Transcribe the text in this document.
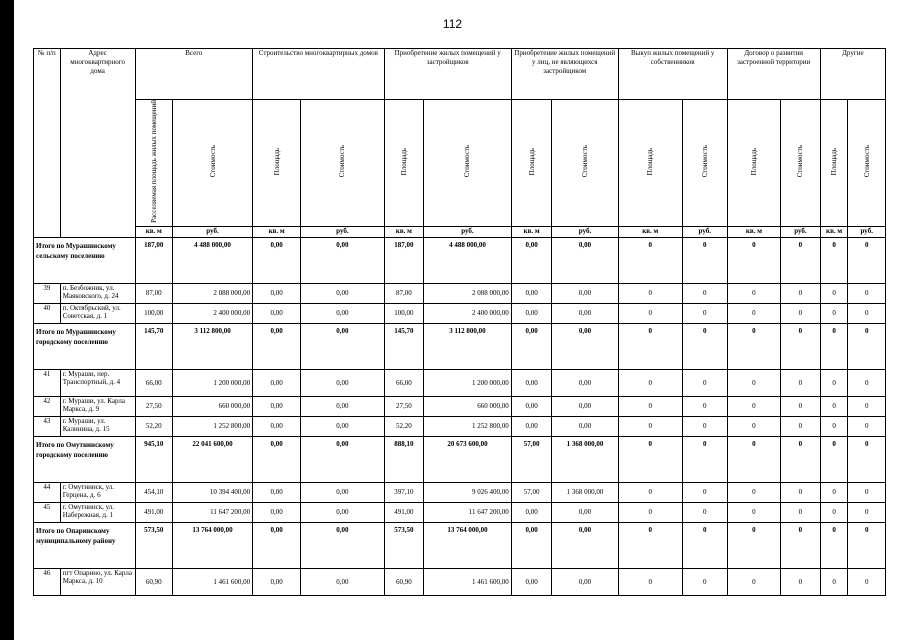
112
№ п/п	Адрес многоквартирного дома	Всего		Строительство многоквартирных домов		Приобретение жилых помещений у застройщиков		Приобретение жилых помещений у лиц, не являющихся застройщиком		Выкуп жилых помещений у собственников		Договор о развитии застроенной территории		Другие	
		Расселяемая площадь жилых помещений	Стоимость	Площадь	Стоимость	Площадь	Стоимость	Площадь	Стоимость	Площадь	Стоимость	Площадь	Стоимость	Площадь	Стоимость
		кв. м	руб.	кв. м	руб.	кв. м	руб.	кв. м	руб.	кв. м	руб.	кв. м	руб.	кв. м	руб.
Итого по Мурашинскому сельскому поселению		187,00	4 488 000,00	0,00	0,00	187,00	4 488 000,00	0,00	0,00	0	0	0	0	0	0
39	п. Безбожник, ул. Маяковского, д. 24	87,00	2 088 000,00	0,00	0,00	87,00	2 088 000,00	0,00	0,00	0	0	0	0	0	0
40	п. Октябрьский, ул. Советская, д. 1	100,00	2 400 000,00	0,00	0,00	100,00	2 400 000,00	0,00	0,00	0	0	0	0	0	0
Итого по Мурашинскому городскому поселению		145,70	3 112 800,00	0,00	0,00	145,70	3 112 800,00	0,00	0,00	0	0	0	0	0	0
41	г. Мураши, пер. Транспортный, д. 4	66,00	1 200 000,00	0,00	0,00	66,00	1 200 000,00	0,00	0,00	0	0	0	0	0	0
42	г. Мураши, ул. Карла Маркса, д. 9	27,50	660 000,00	0,00	0,00	27,50	660 000,00	0,00	0,00	0	0	0	0	0	0
43	г. Мураши, ул. Калинина, д. 15	52,20	1 252 800,00	0,00	0,00	52,20	1 252 800,00	0,00	0,00	0	0	0	0	0	0
Итого по Омутнинскому городскому поселению		945,10	22 041 600,00	0,00	0,00	888,10	20 673 600,00	57,00	1 368 000,00	0	0	0	0	0	0
44	г. Омутнинск, ул. Герцена, д. 6	454,10	10 394 400,00	0,00	0,00	397,10	9 026 400,00	57,00	1 368 000,00	0	0	0	0	0	0
45	г. Омутнинск, ул. Набережная, д. 1	491,00	11 647 200,00	0,00	0,00	491,00	11 647 200,00	0,00	0,00	0	0	0	0	0	0
Итого по Опаринскому муниципальному району		573,50	13 764 000,00	0,00	0,00	573,50	13 764 000,00	0,00	0,00	0	0	0	0	0	0
46	пгт Опарино, ул. Карла Маркса, д. 10	60,90	1 461 600,00	0,00	0,00	60,90	1 461 600,00	0,00	0,00	0	0	0	0	0	0
